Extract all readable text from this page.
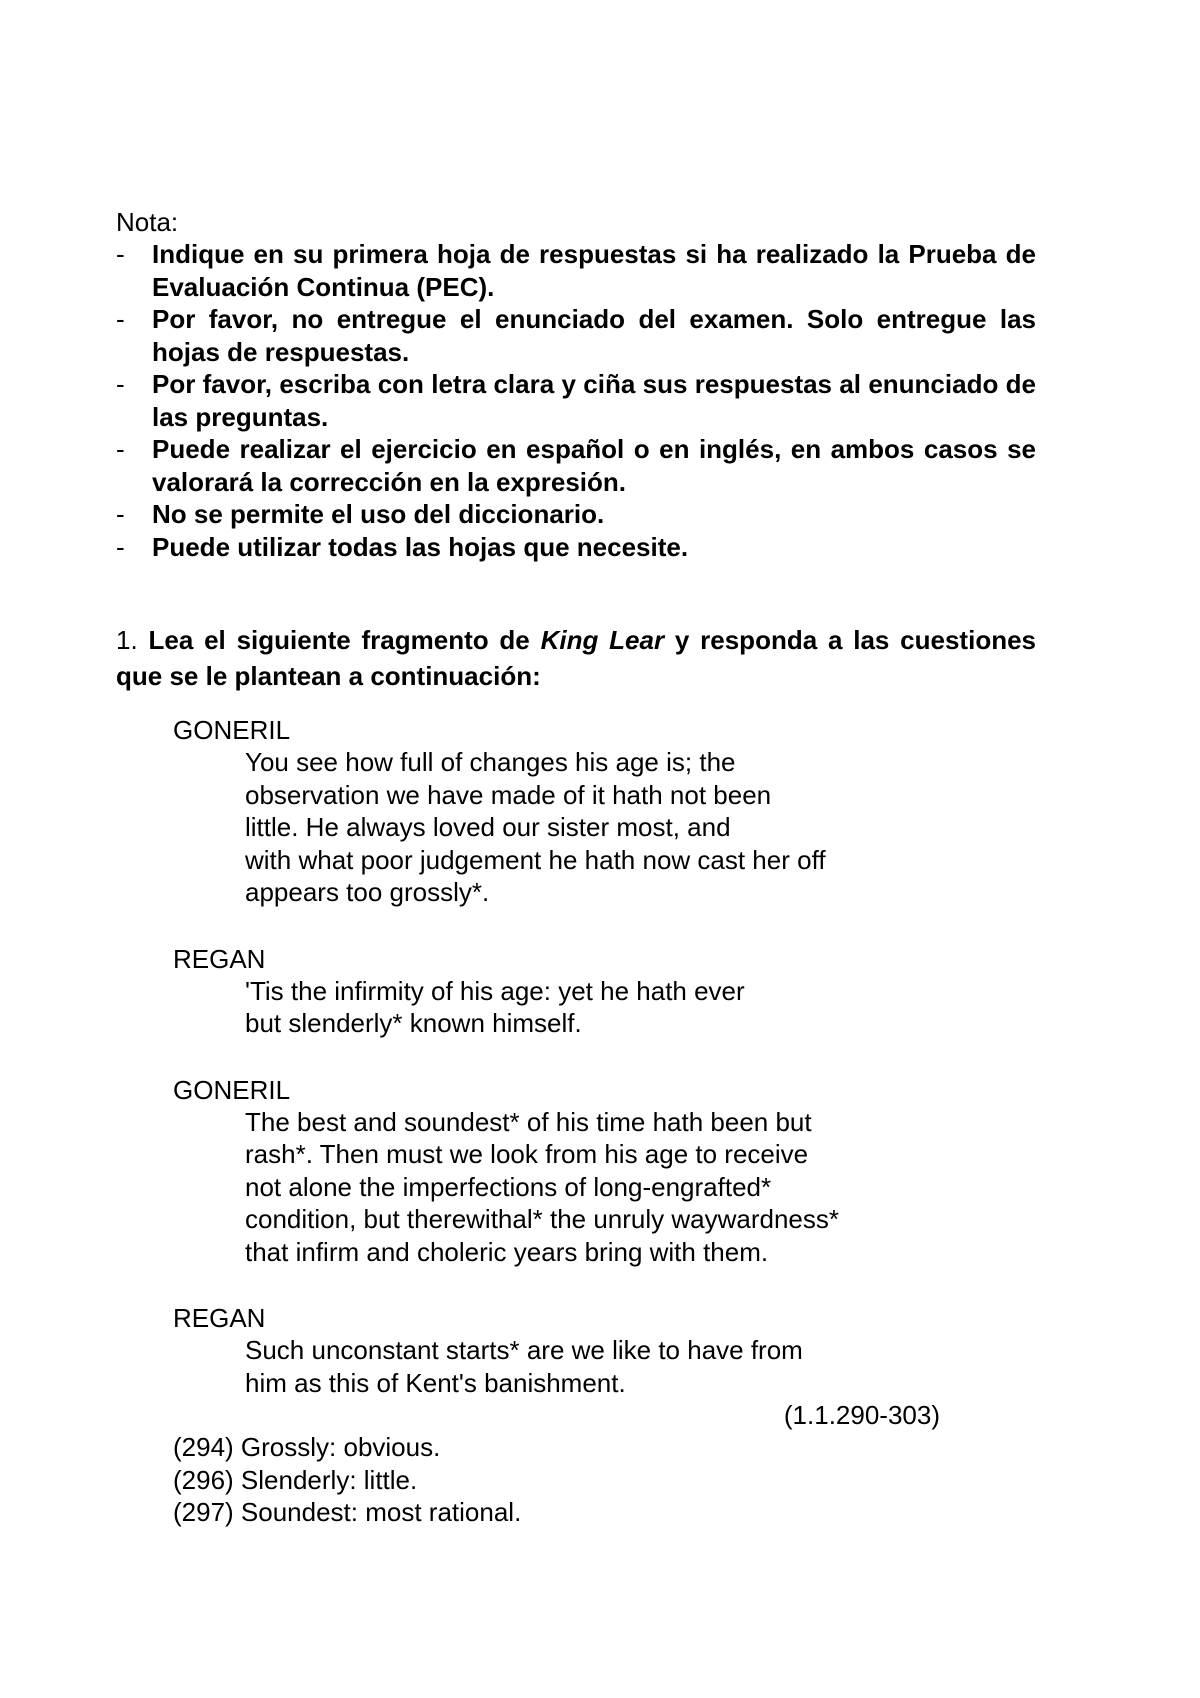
Nota:

-	Indique en su primera hoja de respuestas si ha realizado la Prueba de Evaluación Continua (PEC).
-	Por favor, no entregue el enunciado del examen. Solo entregue las hojas de respuestas.
-	Por favor, escriba con letra clara y ciña sus respuestas al enunciado de las preguntas.
-	Puede realizar el ejercicio en español o en inglés, en ambos casos se valorará la corrección en la expresión.
-	No se permite el uso del diccionario.
-	Puede utilizar todas las hojas que necesite.
1. Lea el siguiente fragmento de King Lear y responda a las cuestiones que se le plantean a continuación:
GONERIL
You see how full of changes his age is; the
observation we have made of it hath not been
little. He always loved our sister most, and
with what poor judgement he hath now cast her off
appears too grossly*.
REGAN
'Tis the infirmity of his age: yet he hath ever
but slenderly* known himself.
GONERIL
The best and soundest* of his time hath been but
rash*. Then must we look from his age to receive
not alone the imperfections of long-engrafted*
condition, but therewithal* the unruly waywardness*
that infirm and choleric years bring with them.
REGAN
Such unconstant starts* are we like to have from
him as this of Kent's banishment.
(1.1.290-303)
(294) Grossly: obvious.
(296) Slenderly: little.
(297) Soundest: most rational.
